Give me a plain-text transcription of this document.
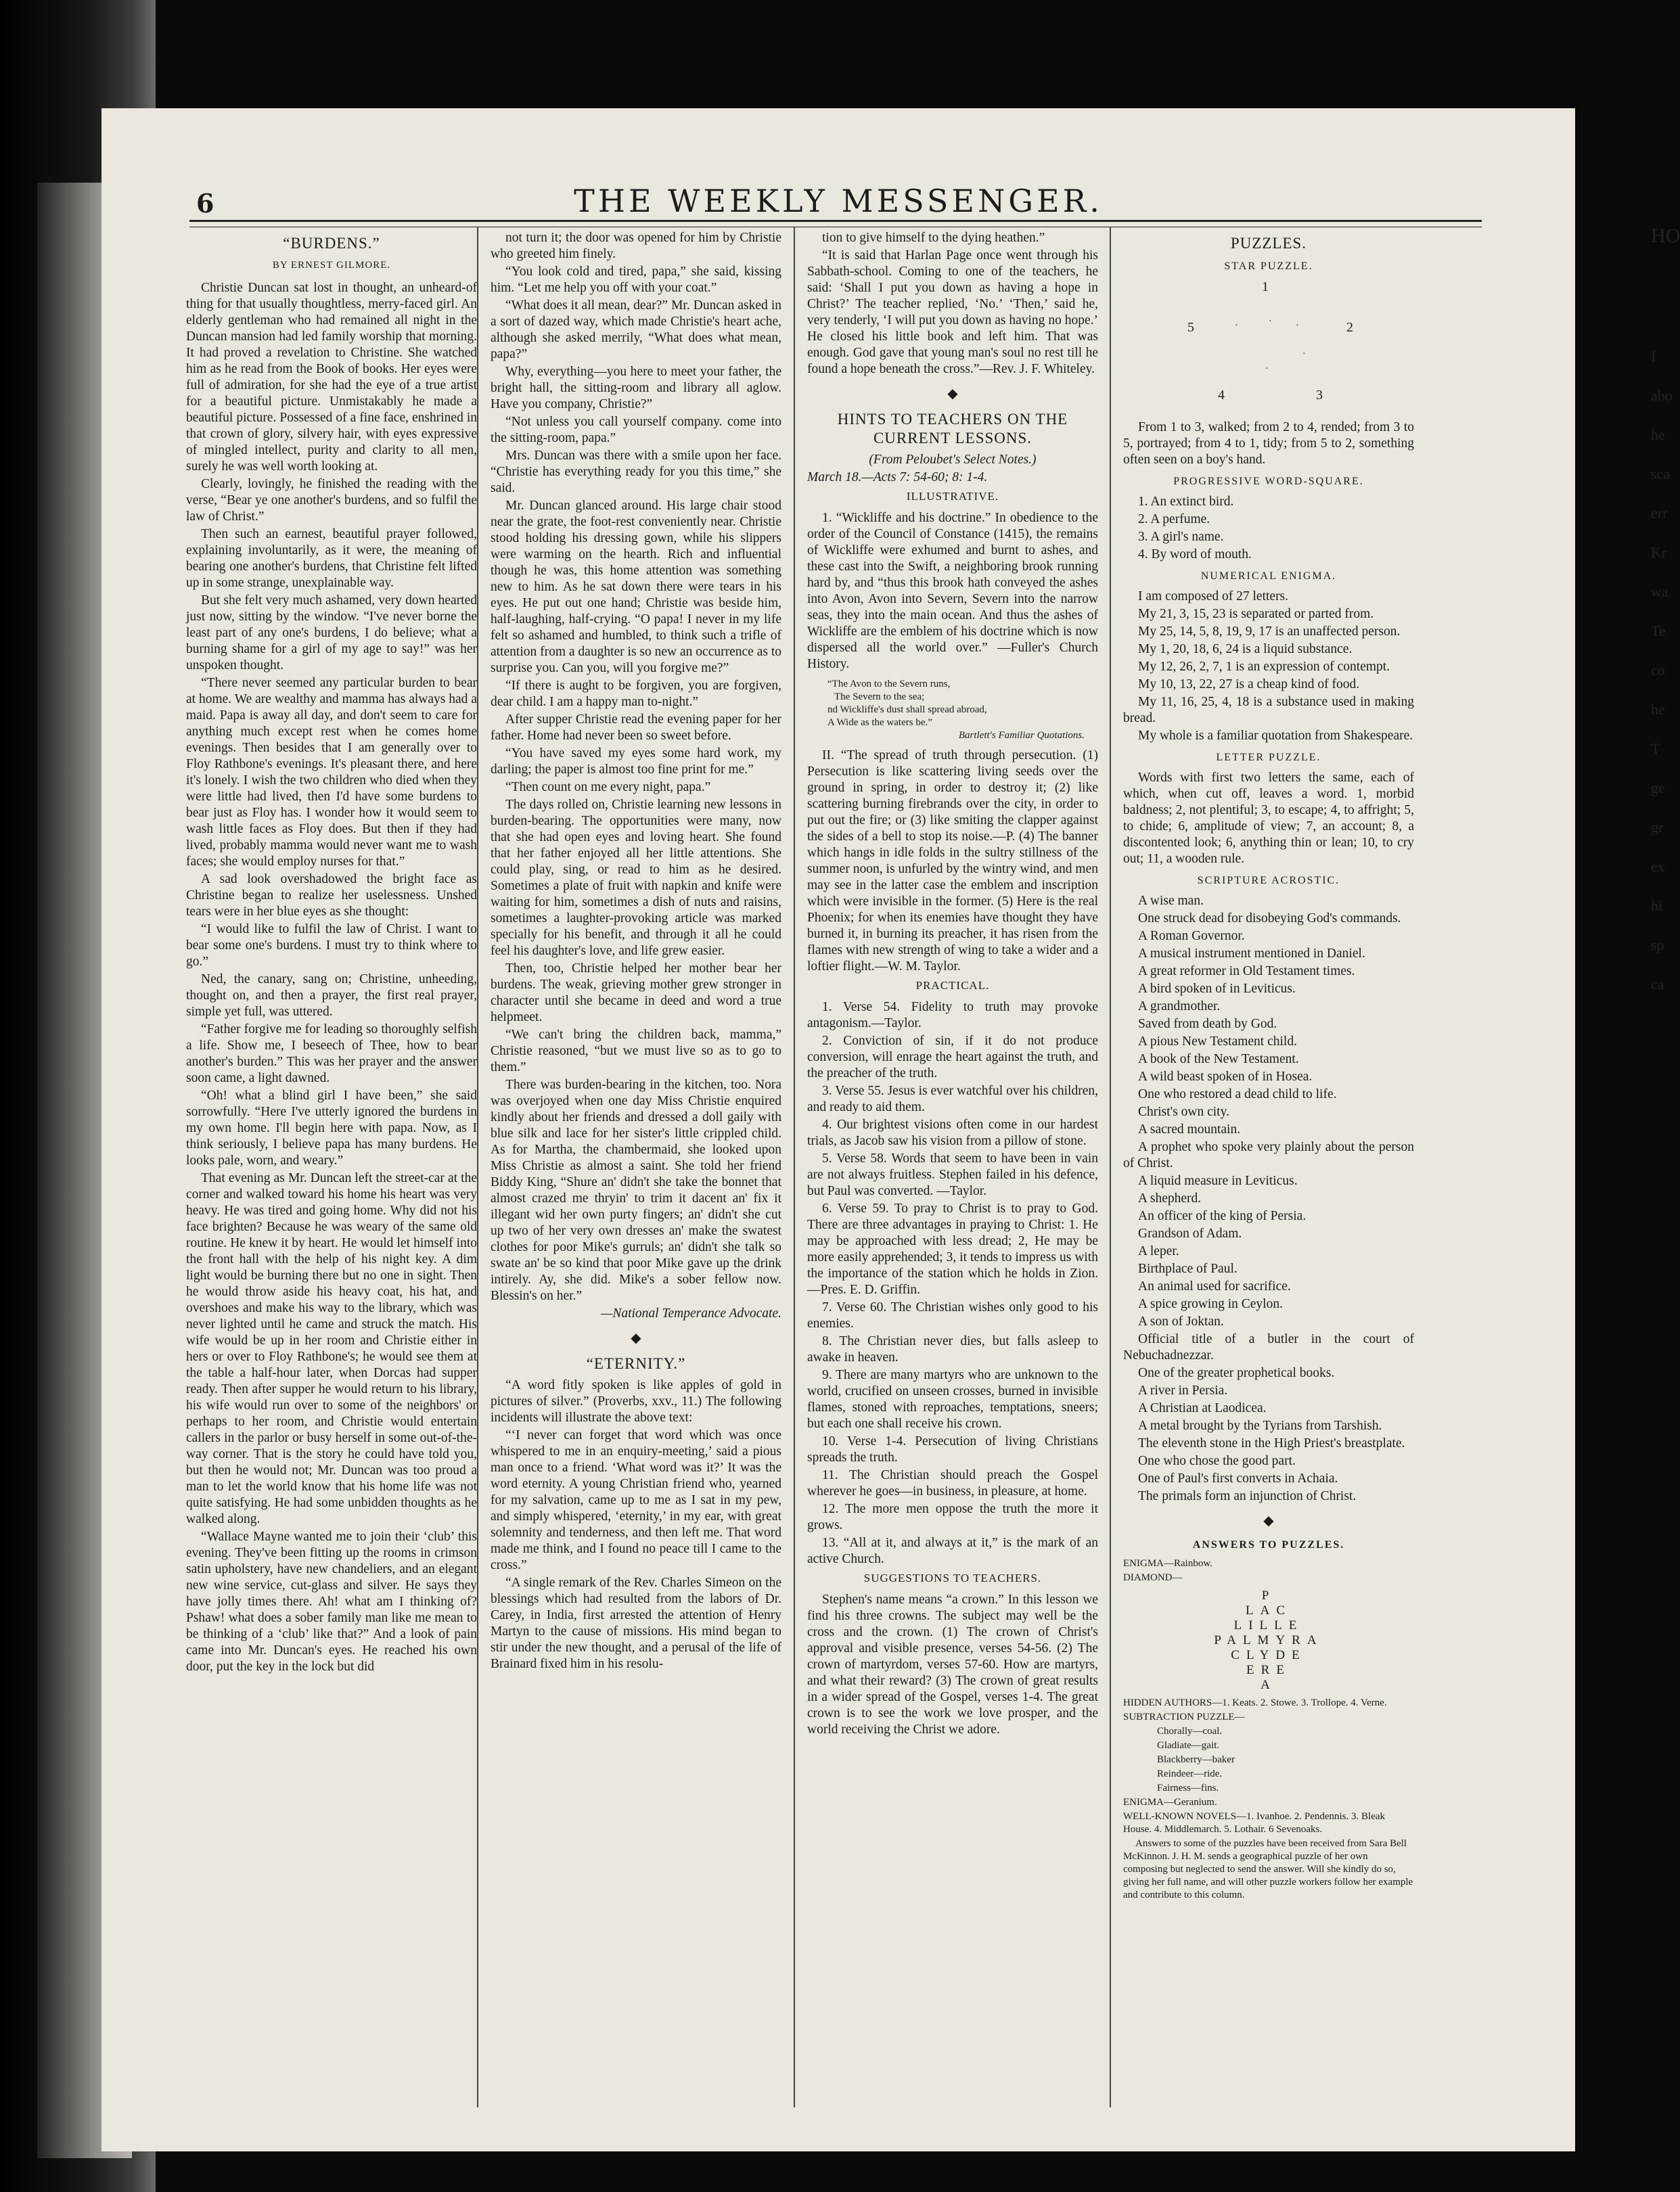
6	THE WEEKLY MESSENGER.
“BURDENS.”
BY ERNEST GILMORE.

Christie Duncan sat lost in thought, an unheard-of thing for that usually thoughtless, merry-faced girl. An elderly gentleman who had remained all night in the Duncan mansion had led family worship that morning. It had proved a revelation to Christine. She watched him as he read from the Book of books. Her eyes were full of admiration, for she had the eye of a true artist for a beautiful picture. Unmistakably he made a beautiful picture. Possessed of a fine face, enshrined in that crown of glory, silvery hair, with eyes expressive of mingled intellect, purity and clarity to all men, surely he was well worth looking at.

Clearly, lovingly, he finished the reading with the verse, “Bear ye one another's burdens, and so fulfil the law of Christ.”

Then such an earnest, beautiful prayer followed, explaining involuntarily, as it were, the meaning of bearing one another's burdens, that Christine felt lifted up in some strange, unexplainable way.

But she felt very much ashamed, very down hearted just now, sitting by the window. “I've never borne the least part of any one's burdens, I do believe; what a burning shame for a girl of my age to say!” was her unspoken thought.

“There never seemed any particular burden to bear at home. We are wealthy and mamma has always had a maid. Papa is away all day, and don't seem to care for anything much except rest when he comes home evenings. Then besides that I am generally over to Floy Rathbone's evenings. It's pleasant there, and here it's lonely. I wish the two children who died when they were little had lived, then I'd have some burdens to bear just as Floy has. I wonder how it would seem to wash little faces as Floy does. But then if they had lived, probably mamma would never want me to wash faces; she would employ nurses for that.”

A sad look overshadowed the bright face as Christine began to realize her uselessness. Unshed tears were in her blue eyes as she thought:

“I would like to fulfil the law of Christ. I want to bear some one's burdens. I must try to think where to go.”

Ned, the canary, sang on; Christine, unheeding, thought on, and then a prayer, the first real prayer, simple yet full, was uttered.

“Father forgive me for leading so thoroughly selfish a life. Show me, I beseech of Thee, how to bear another's burden.” This was her prayer and the answer soon came, a light dawned.

“Oh! what a blind girl I have been,” she said sorrowfully. “Here I've utterly ignored the burdens in my own home. I'll begin here with papa. Now, as I think seriously, I believe papa has many burdens. He looks pale, worn, and weary.”

That evening as Mr. Duncan left the street-car at the corner and walked toward his home his heart was very heavy. He was tired and going home. Why did not his face brighten? Because he was weary of the same old routine. He knew it by heart. He would let himself into the front hall with the help of his night key. A dim light would be burning there but no one in sight. Then he would throw aside his heavy coat, his hat, and overshoes and make his way to the library, which was never lighted until he came and struck the match. His wife would be up in her room and Christie either in hers or over to Floy Rathbone's; he would see them at the table a half-hour later, when Dorcas had supper ready. Then after supper he would return to his library, his wife would run over to some of the neighbors' or perhaps to her room, and Christie would entertain callers in the parlor or busy herself in some out-of-the-way corner. That is the story he could have told you, but then he would not; Mr. Duncan was too proud a man to let the world know that his home life was not quite satisfying. He had some unbidden thoughts as he walked along.

“Wallace Mayne wanted me to join their ‘club’ this evening. They've been fitting up the rooms in crimson satin upholstery, have new chandeliers, and an elegant new wine service, cut-glass and silver. He says they have jolly times there. Ah! what am I thinking of? Pshaw! what does a sober family man like me mean to be thinking of a ‘club’ like that?” And a look of pain came into Mr. Duncan's eyes. He reached his own door, put the key in the lock but did

not turn it; the door was opened for him by Christie who greeted him finely.

“You look cold and tired, papa,” she said, kissing him. “Let me help you off with your coat.”

“What does it all mean, dear?” Mr. Duncan asked in a sort of dazed way, which made Christie's heart ache, although she asked merrily, “What does what mean, papa?”

Why, everything—you here to meet your father, the bright hall, the sitting-room and library all aglow. Have you company, Christie?”

“Not unless you call yourself company. come into the sitting-room, papa.”

Mrs. Duncan was there with a smile upon her face. “Christie has everything ready for you this time,” she said.

Mr. Duncan glanced around. His large chair stood near the grate, the foot-rest conveniently near. Christie stood holding his dressing gown, while his slippers were warming on the hearth. Rich and influential though he was, this home attention was something new to him. As he sat down there were tears in his eyes. He put out one hand; Christie was beside him, half-laughing, half-crying. “O papa! I never in my life felt so ashamed and humbled, to think such a trifle of attention from a daughter is so new an occurrence as to surprise you. Can you, will you forgive me?”

“If there is aught to be forgiven, you are forgiven, dear child. I am a happy man to-night.”

After supper Christie read the evening paper for her father. Home had never been so sweet before.

“You have saved my eyes some hard work, my darling; the paper is almost too fine print for me.”

“Then count on me every night, papa.”

The days rolled on, Christie learning new lessons in burden-bearing. The opportunities were many, now that she had open eyes and loving heart. She found that her father enjoyed all her little attentions. She could play, sing, or read to him as he desired. Sometimes a plate of fruit with napkin and knife were waiting for him, sometimes a dish of nuts and raisins, sometimes a laughter-provoking article was marked specially for his benefit, and through it all he could feel his daughter's love, and life grew easier.

Then, too, Christie helped her mother bear her burdens. The weak, grieving mother grew stronger in character until she became in deed and word a true helpmeet.

“We can't bring the children back, mamma,” Christie reasoned, “but we must live so as to go to them.”

There was burden-bearing in the kitchen, too. Nora was overjoyed when one day Miss Christie enquired kindly about her friends and dressed a doll gaily with blue silk and lace for her sister's little crippled child. As for Martha, the chambermaid, she looked upon Miss Christie as almost a saint. She told her friend Biddy King, “Shure an' didn't she take the bonnet that almost crazed me thryin' to trim it dacent an' fix it illegant wid her own purty fingers; an' didn't she cut up two of her very own dresses an' make the swatest clothes for poor Mike's gurruls; an' didn't she talk so swate an' be so kind that poor Mike gave up the drink intirely. Ay, she did. Mike's a sober fellow now. Blessin's on her.”

—National Temperance Advocate.

◆
“ETERNITY.”

“A word fitly spoken is like apples of gold in pictures of silver.” (Proverbs, xxv., 11.) The following incidents will illustrate the above text:

“‘I never can forget that word which was once whispered to me in an enquiry-meeting,’ said a pious man once to a friend. ‘What word was it?’ It was the word eternity. A young Christian friend who, yearned for my salvation, came up to me as I sat in my pew, and simply whispered, ‘eternity,’ in my ear, with great solemnity and tenderness, and then left me. That word made me think, and I found no peace till I came to the cross.”

“A single remark of the Rev. Charles Simeon on the blessings which had resulted from the labors of Dr. Carey, in India, first arrested the attention of Henry Martyn to the cause of missions. His mind began to stir under the new thought, and a perusal of the life of Brainard fixed him in his resolu-

tion to give himself to the dying heathen.”

“It is said that Harlan Page once went through his Sabbath-school. Coming to one of the teachers, he said: ‘Shall I put you down as having a hope in Christ?’ The teacher replied, ‘No.’ ‘Then,’ said he, very tenderly, ‘I will put you down as having no hope.’ He closed his little book and left him. That was enough. God gave that young man's soul no rest till he found a hope beneath the cross.”—Rev. J. F. Whiteley.

◆
HINTS TO TEACHERS ON THE CURRENT LESSONS.

(From Peloubet's Select Notes.)

March 18.—Acts 7: 54-60; 8: 1-4.

ILLUSTRATIVE.

1. “Wickliffe and his doctrine.” In obedience to the order of the Council of Constance (1415), the remains of Wickliffe were exhumed and burnt to ashes, and these cast into the Swift, a neighboring brook running hard by, and “thus this brook hath conveyed the ashes into Avon, Avon into Severn, Severn into the narrow seas, they into the main ocean. And thus the ashes of Wickliffe are the emblem of his doctrine which is now dispersed all the world over.” —Fuller's Church History.

“The Avon to the Severn runs,
The Severn to the sea;
nd Wickliffe's dust shall spread abroad,
A Wide as the waters be.”
Bartlett's Familiar Quotations.

II. “The spread of truth through persecution. (1) Persecution is like scattering living seeds over the ground in spring, in order to destroy it; (2) like scattering burning firebrands over the city, in order to put out the fire; or (3) like smiting the clapper against the sides of a bell to stop its noise.—P. (4) The banner which hangs in idle folds in the sultry stillness of the summer noon, is unfurled by the wintry wind, and men may see in the latter case the emblem and inscription which were invisible in the former. (5) Here is the real Phoenix; for when its enemies have thought they have burned it, in burning its preacher, it has risen from the flames with new strength of wing to take a wider and a loftier flight.—W. M. Taylor.

PRACTICAL.

1. Verse 54. Fidelity to truth may provoke antagonism.—Taylor.

2. Conviction of sin, if it do not produce conversion, will enrage the heart against the truth, and the preacher of the truth.

3. Verse 55. Jesus is ever watchful over his children, and ready to aid them.

4. Our brightest visions often come in our hardest trials, as Jacob saw his vision from a pillow of stone.

5. Verse 58. Words that seem to have been in vain are not always fruitless. Stephen failed in his defence, but Paul was converted. —Taylor.

6. Verse 59. To pray to Christ is to pray to God. There are three advantages in praying to Christ: 1. He may be approached with less dread; 2, He may be more easily apprehended; 3, it tends to impress us with the importance of the station which he holds in Zion.—Pres. E. D. Griffin.

7. Verse 60. The Christian wishes only good to his enemies.

8. The Christian never dies, but falls asleep to awake in heaven.

9. There are many martyrs who are unknown to the world, crucified on unseen crosses, burned in invisible flames, stoned with reproaches, temptations, sneers; but each one shall receive his crown.

10. Verse 1-4. Persecution of living Christians spreads the truth.

11. The Christian should preach the Gospel wherever he goes—in business, in pleasure, at home.

12. The more men oppose the truth the more it grows.

13. “All at it, and always at it,” is the mark of an active Church.

SUGGESTIONS TO TEACHERS.

Stephen's name means “a crown.” In this lesson we find his three crowns. The subject may well be the cross and the crown. (1) The crown of Christ's approval and visible presence, verses 54-56. (2) The crown of martyrdom, verses 57-60. How are martyrs, and what their reward? (3) The crown of great results in a wider spread of the Gospel, verses 1-4. The great crown is to see the work we love prosper, and the world receiving the Christ we adore.

PUZZLES.
STAR PUZZLE.
1
2
3
4
5	·	·	·
·
·

From 1 to 3, walked; from 2 to 4, rended; from 3 to 5, portrayed; from 4 to 1, tidy; from 5 to 2, something often seen on a boy's hand.

PROGRESSIVE WORD-SQUARE.

1. An extinct bird.

2. A perfume.

3. A girl's name.

4. By word of mouth.

NUMERICAL ENIGMA.

I am composed of 27 letters.

My 21, 3, 15, 23 is separated or parted from.

My 25, 14, 5, 8, 19, 9, 17 is an unaffected person.

My 1, 20, 18, 6, 24 is a liquid substance.

My 12, 26, 2, 7, 1 is an expression of contempt.

My 10, 13, 22, 27 is a cheap kind of food.

My 11, 16, 25, 4, 18 is a substance used in making bread.

My whole is a familiar quotation from Shakespeare.

LETTER PUZZLE.

Words with first two letters the same, each of which, when cut off, leaves a word. 1, morbid baldness; 2, not plentiful; 3, to escape; 4, to affright; 5, to chide; 6, amplitude of view; 7, an account; 8, a discontented look; 6, anything thin or lean; 10, to cry out; 11, a wooden rule.

SCRIPTURE ACROSTIC.

A wise man.

One struck dead for disobeying God's commands.

A Roman Governor.

A musical instrument mentioned in Daniel.

A great reformer in Old Testament times.

A bird spoken of in Leviticus.

A grandmother.

Saved from death by God.

A pious New Testament child.

A book of the New Testament.

A wild beast spoken of in Hosea.

One who restored a dead child to life.

Christ's own city.

A sacred mountain.

A prophet who spoke very plainly about the person of Christ.

A liquid measure in Leviticus.

A shepherd.

An officer of the king of Persia.

Grandson of Adam.

A leper.

Birthplace of Paul.

An animal used for sacrifice.

A spice growing in Ceylon.

A son of Joktan.

Official title of a butler in the court of Nebuchadnezzar.

One of the greater prophetical books.

A river in Persia.

A Christian at Laodicea.

A metal brought by the Tyrians from Tarshish.

The eleventh stone in the High Priest's breastplate.

One who chose the good part.

One of Paul's first converts in Achaia.

The primals form an injunction of Christ.

◆
ANSWERS TO PUZZLES.

ENIGMA—Rainbow.

DIAMOND—

P
LAC
LILLE
PALMYRA
CLYDE
ERE
A

HIDDEN AUTHORS—1. Keats. 2. Stowe. 3. Trollope. 4. Verne.

SUBTRACTION PUZZLE—

Chorally—coal.

Gladiate—gait.

Blackberry—baker

Reindeer—ride.

Fairness—fins.

ENIGMA—Geranium.

WELL-KNOWN NOVELS—1. Ivanhoe. 2. Pendennis. 3. Bleak House. 4. Middlemarch. 5. Lothair. 6 Sevenoaks.

Answers to some of the puzzles have been received from Sara Bell McKinnon. J. H. M. sends a geographical puzzle of her own composing but neglected to send the answer. Will she kindly do so, giving her full name, and will other puzzle workers follow her example and contribute to this column.

HO
I
abo
he
sca
err
Kr
wa
Te
co
he
T
ge
gr
ex
hi
sp
ca
